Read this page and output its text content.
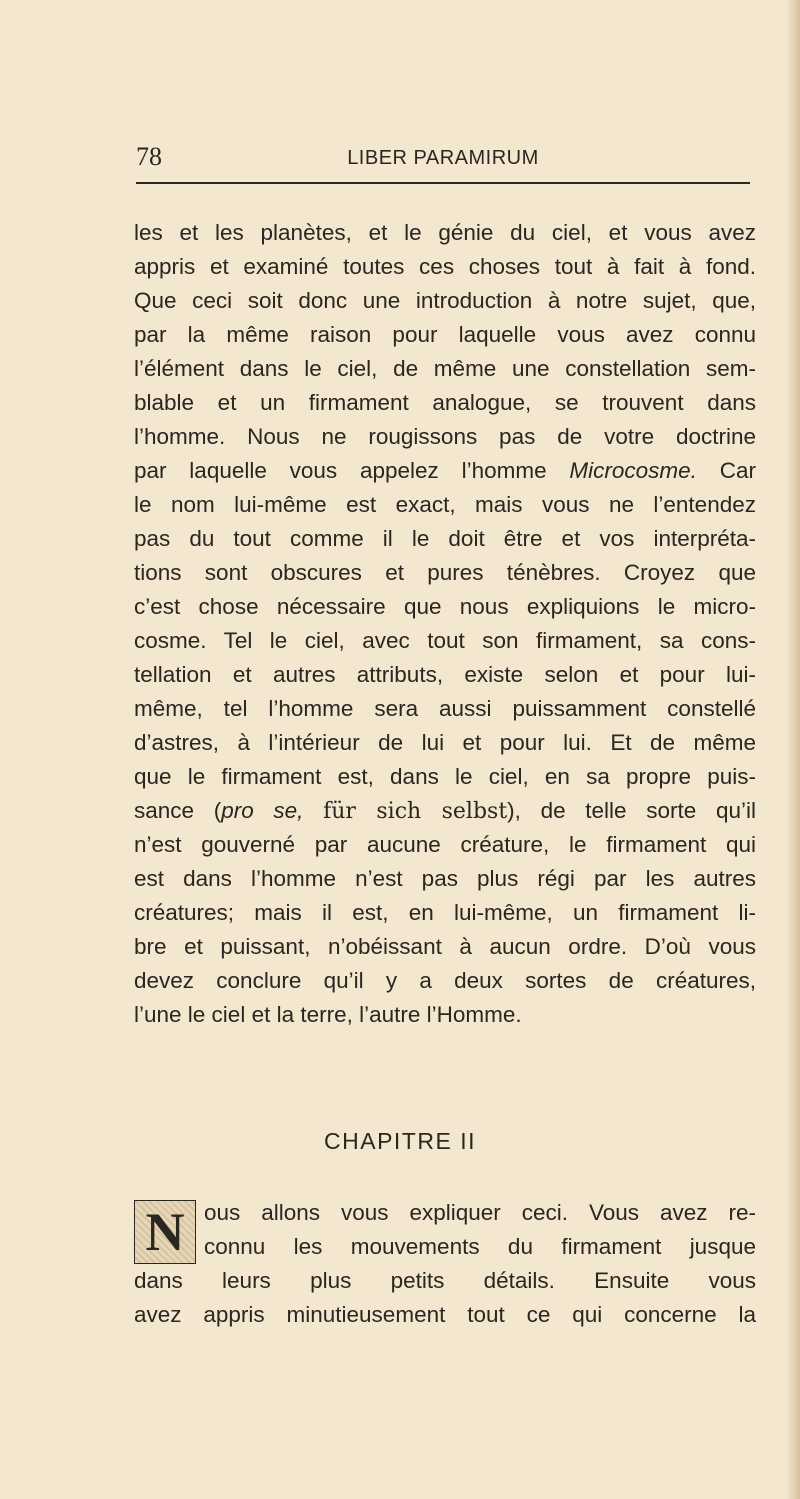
78	LIBER PARAMIRUM
les et les planètes, et le génie du ciel, et vous avez
appris et examiné toutes ces choses tout à fait à fond.
Que ceci soit donc une introduction à notre sujet, que,
par la même raison pour laquelle vous avez connu
l’élément dans le ciel, de même une constellation sem-
blable et un firmament analogue, se trouvent dans
l’homme. Nous ne rougissons pas de votre doctrine
par laquelle vous appelez l’homme Microcosme. Car
le nom lui-même est exact, mais vous ne l’entendez
pas du tout comme il le doit être et vos interpréta-
tions sont obscures et pures ténèbres. Croyez que
c’est chose nécessaire que nous expliquions le micro-
cosme. Tel le ciel, avec tout son firmament, sa cons-
tellation et autres attributs, existe selon et pour lui-
même, tel l’homme sera aussi puissamment constellé
d’astres, à l’intérieur de lui et pour lui. Et de même
que le firmament est, dans le ciel, en sa propre puis-
sance (pro se, für sich selbst), de telle sorte qu’il
n’est gouverné par aucune créature, le firmament qui
est dans l’homme n’est pas plus régi par les autres
créatures; mais il est, en lui-même, un firmament li-
bre et puissant, n’obéissant à aucun ordre. D’où vous
devez conclure qu’il y a deux sortes de créatures,
l’une le ciel et la terre, l’autre l’Homme.
CHAPITRE II
N ous allons vous expliquer ceci. Vous avez re-
connu les mouvements du firmament jusque
dans leurs plus petits détails. Ensuite vous
avez appris minutieusement tout ce qui concerne la
